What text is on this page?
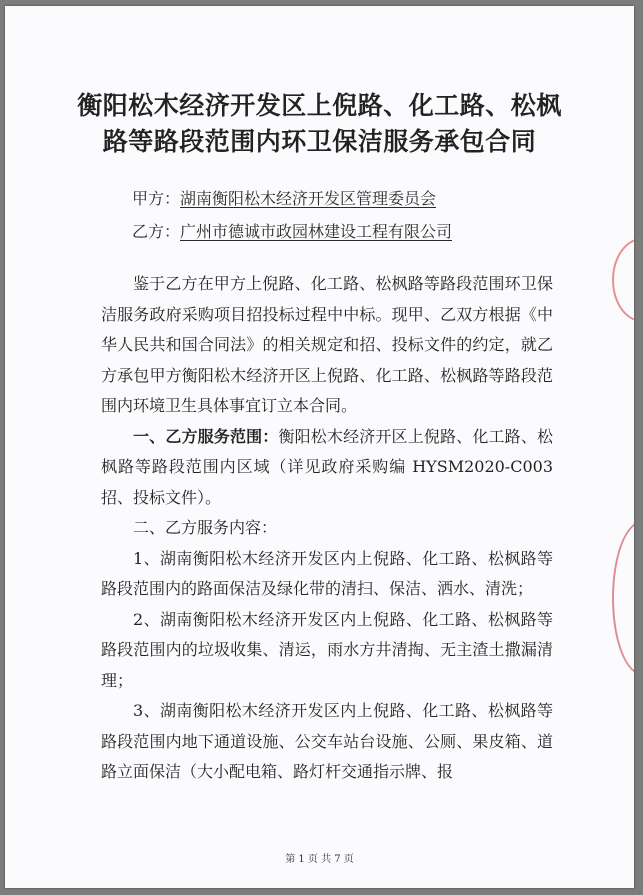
衡阳松木经济开发区上倪路、化工路、松枫
路等路段范围内环卫保洁服务承包合同
甲方：湖南衡阳松木经济开发区管理委员会
乙方：广州市德诚市政园林建设工程有限公司

鉴于乙方在甲方上倪路、化工路、松枫路等路段范围环卫保洁服务政府采购项目招投标过程中中标。现甲、乙双方根据《中华人民共和国合同法》的相关规定和招、投标文件的约定，就乙方承包甲方衡阳松木经济开区上倪路、化工路、松枫路等路段范围内环境卫生具体事宜订立本合同。

一、乙方服务范围：衡阳松木经济开区上倪路、化工路、松枫路等路段范围内区域（详见政府采购编 HYSM2020-C003 招、投标文件）。

二、乙方服务内容：

1、湖南衡阳松木经济开发区内上倪路、化工路、松枫路等路段范围内的路面保洁及绿化带的清扫、保洁、洒水、清洗；

2、湖南衡阳松木经济开发区内上倪路、化工路、松枫路等路段范围内的垃圾收集、清运，雨水方井清掏、无主渣土撒漏清理；

3、湖南衡阳松木经济开发区内上倪路、化工路、松枫路等路段范围内地下通道设施、公交车站台设施、公厕、果皮箱、道路立面保洁（大小配电箱、路灯杆交通指示牌、报

第 1 页 共 7 页
